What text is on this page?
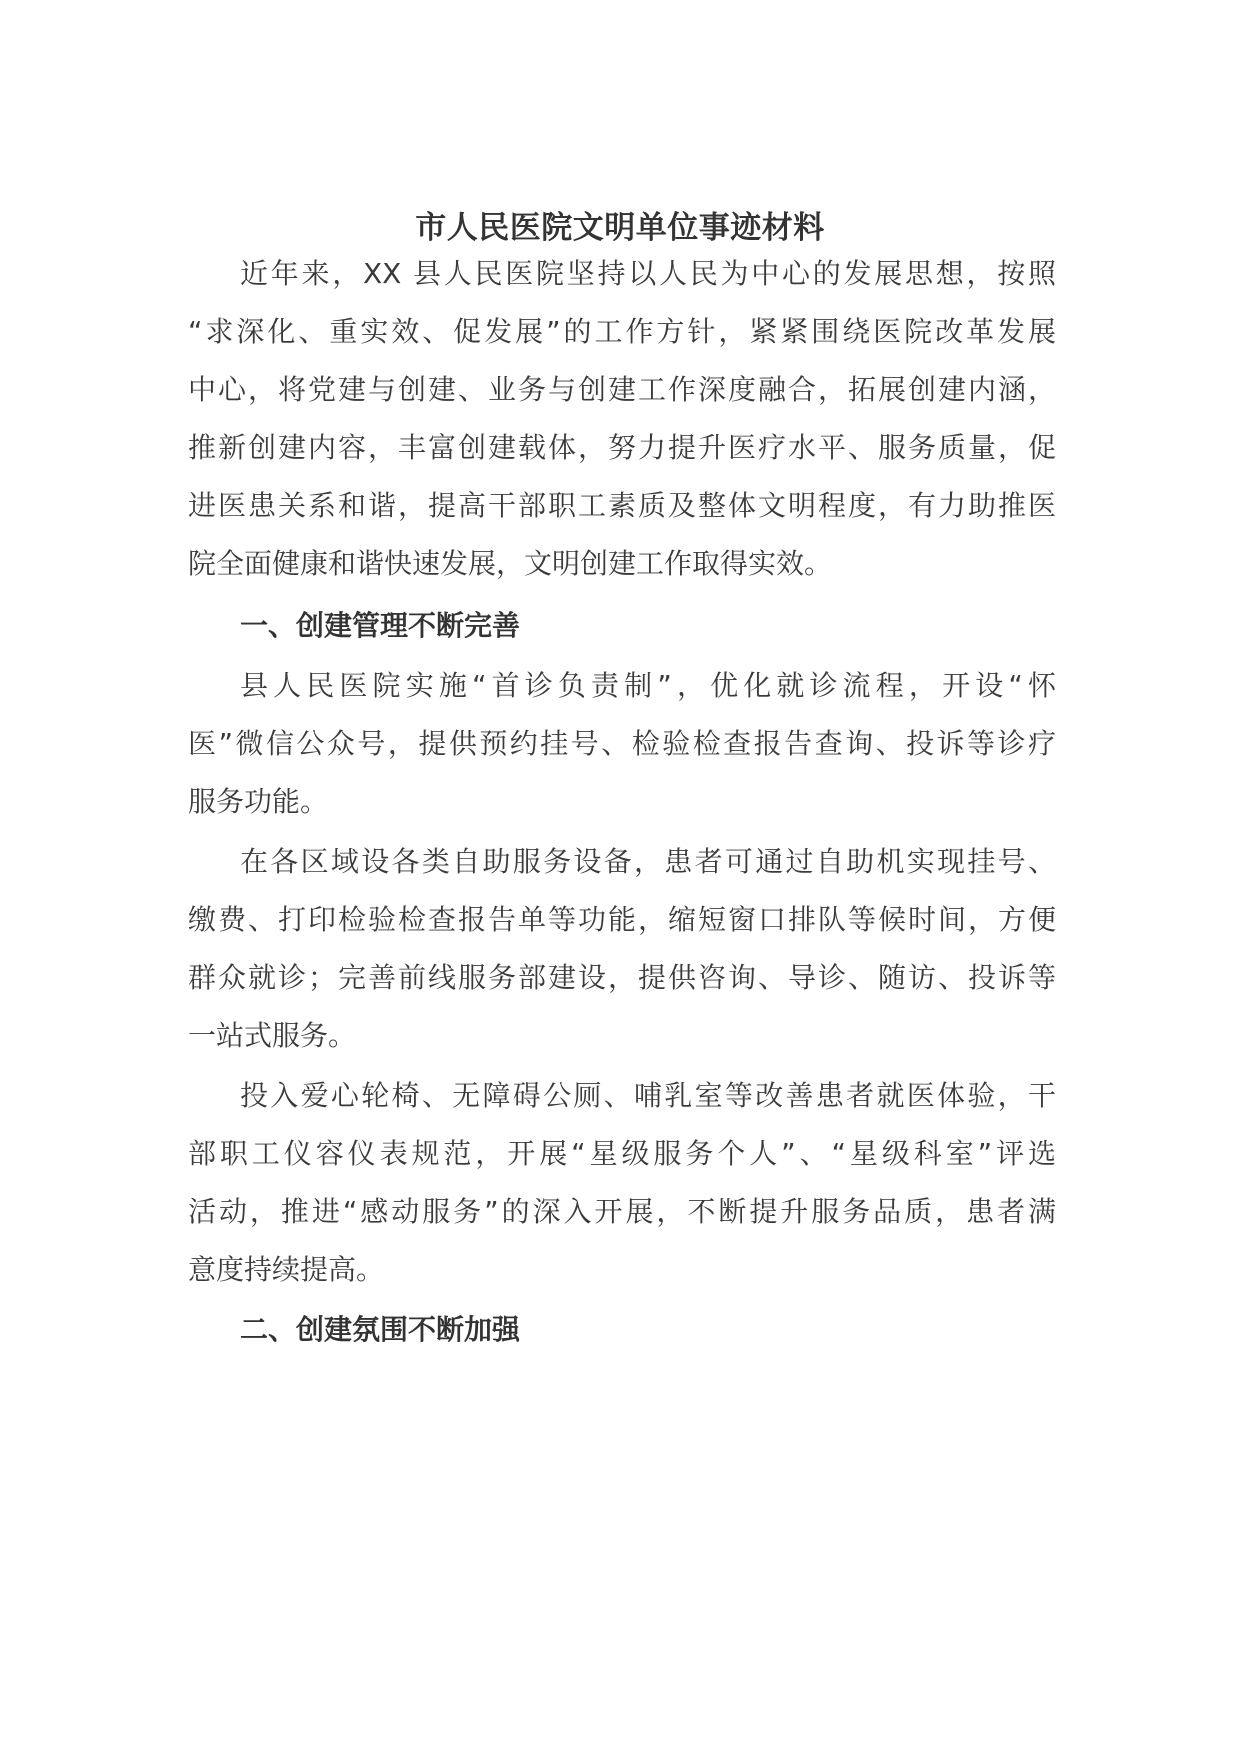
市人民医院文明单位事迹材料
近年来，XX 县人民医院坚持以人民为中心的发展思想，按照
“求深化、重实效、促发展”的工作方针，紧紧围绕医院改革发展
中心，将党建与创建、业务与创建工作深度融合，拓展创建内涵，
推新创建内容，丰富创建载体，努力提升医疗水平、服务质量，促
进医患关系和谐，提高干部职工素质及整体文明程度，有力助推医
院全面健康和谐快速发展，文明创建工作取得实效。
一、创建管理不断完善
县人民医院实施“首诊负责制”，优化就诊流程，开设“怀
医”微信公众号，提供预约挂号、检验检查报告查询、投诉等诊疗
服务功能。
在各区域设各类自助服务设备，患者可通过自助机实现挂号、
缴费、打印检验检查报告单等功能，缩短窗口排队等候时间，方便
群众就诊；完善前线服务部建设，提供咨询、导诊、随访、投诉等
一站式服务。
投入爱心轮椅、无障碍公厕、哺乳室等改善患者就医体验，干
部职工仪容仪表规范，开展“星级服务个人”、“星级科室”评选
活动，推进“感动服务”的深入开展，不断提升服务品质，患者满
意度持续提高。
二、创建氛围不断加强
